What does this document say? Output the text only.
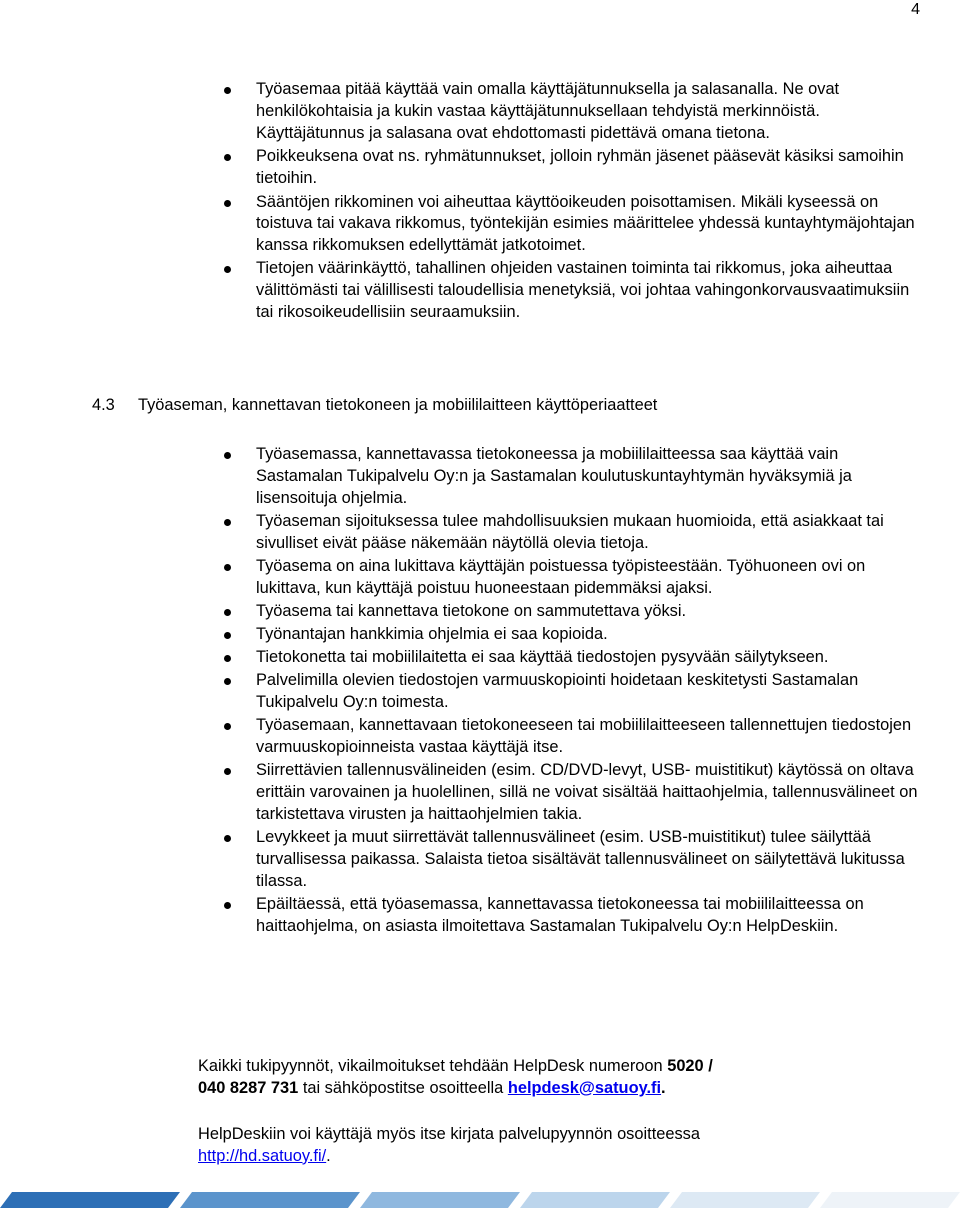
4
Työasemaa pitää käyttää vain omalla käyttäjätunnuksella ja salasanalla. Ne ovat henkilökohtaisia ja kukin vastaa käyttäjätunnuksellaan tehdyistä merkinnöistä. Käyttäjätunnus ja salasana ovat ehdottomasti pidettävä omana tietona.
Poikkeuksena ovat ns. ryhmätunnukset, jolloin ryhmän jäsenet pääsevät käsiksi samoihin tietoihin.
Sääntöjen rikkominen voi aiheuttaa käyttöoikeuden poisottamisen. Mikäli kyseessä on toistuva tai vakava rikkomus, työntekijän esimies määrittelee yhdessä kuntayhtymäjohtajan kanssa rikkomuksen edellyttämät jatkotoimet.
Tietojen väärinkäyttö, tahallinen ohjeiden vastainen toiminta tai rikkomus, joka aiheuttaa välittömästi tai välillisesti taloudellisia menetyksiä, voi johtaa vahingonkorvausvaatimuksiin tai rikosoikeudellisiin seuraamuksiin.
4.3 Työaseman, kannettavan tietokoneen ja mobiililaitteen käyttöperiaatteet
Työasemassa, kannettavassa tietokoneessa ja mobiililaitteessa saa käyttää vain Sastamalan Tukipalvelu Oy:n ja Sastamalan koulutuskuntayhtymän hyväksymiä ja lisensoituja ohjelmia.
Työaseman sijoituksessa tulee mahdollisuuksien mukaan huomioida, että asiakkaat tai sivulliset eivät pääse näkemään näytöllä olevia tietoja.
Työasema on aina lukittava käyttäjän poistuessa työpisteestään. Työhuoneen ovi on lukittava, kun käyttäjä poistuu huoneestaan pidemmäksi ajaksi.
Työasema tai kannettava tietokone on sammutettava yöksi.
Työnantajan hankkimia ohjelmia ei saa kopioida.
Tietokonetta tai mobiililaitetta ei saa käyttää tiedostojen pysyvään säilytykseen.
Palvelimilla olevien tiedostojen varmuuskopiointi hoidetaan keskitetysti Sastamalan Tukipalvelu Oy:n toimesta.
Työasemaan, kannettavaan tietokoneeseen tai mobiililaitteeseen tallennettujen tiedostojen varmuuskopioinneista vastaa käyttäjä itse.
Siirrettävien tallennusvälineiden (esim. CD/DVD-levyt, USB- muistitikut) käytössä on oltava erittäin varovainen ja huolellinen, sillä ne voivat sisältää haittaohjelmia, tallennusvälineet on tarkistettava virusten ja haittaohjelmien takia.
Levykkeet ja muut siirrettävät tallennusvälineet (esim. USB-muistitikut) tulee säilyttää turvallisessa paikassa. Salaista tietoa sisältävät tallennusvälineet on säilytettävä lukitussa tilassa.
Epäiltäessä, että työasemassa, kannettavassa tietokoneessa tai mobiililaitteessa on haittaohjelma, on asiasta ilmoitettava Sastamalan Tukipalvelu Oy:n HelpDeskiin.
Kaikki tukipyynnöt, vikailmoitukset tehdään HelpDesk numeroon 5020 /
040 8287 731 tai sähköpostitse osoitteella helpdesk@satuoy.fi.
HelpDeskiin voi käyttäjä myös itse kirjata palvelupyynnön osoitteessa
http://hd.satuoy.fi/.
